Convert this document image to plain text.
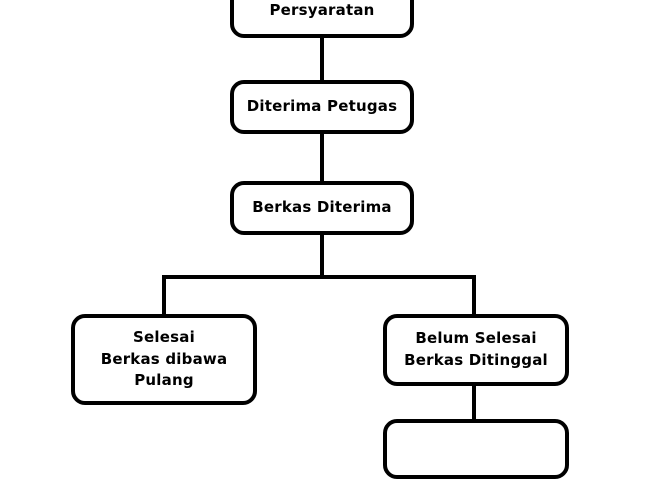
Persyaratan
Diterima Petugas
Berkas Diterima
Selesai
Berkas dibawa
Pulang
Belum Selesai
Berkas Ditinggal
